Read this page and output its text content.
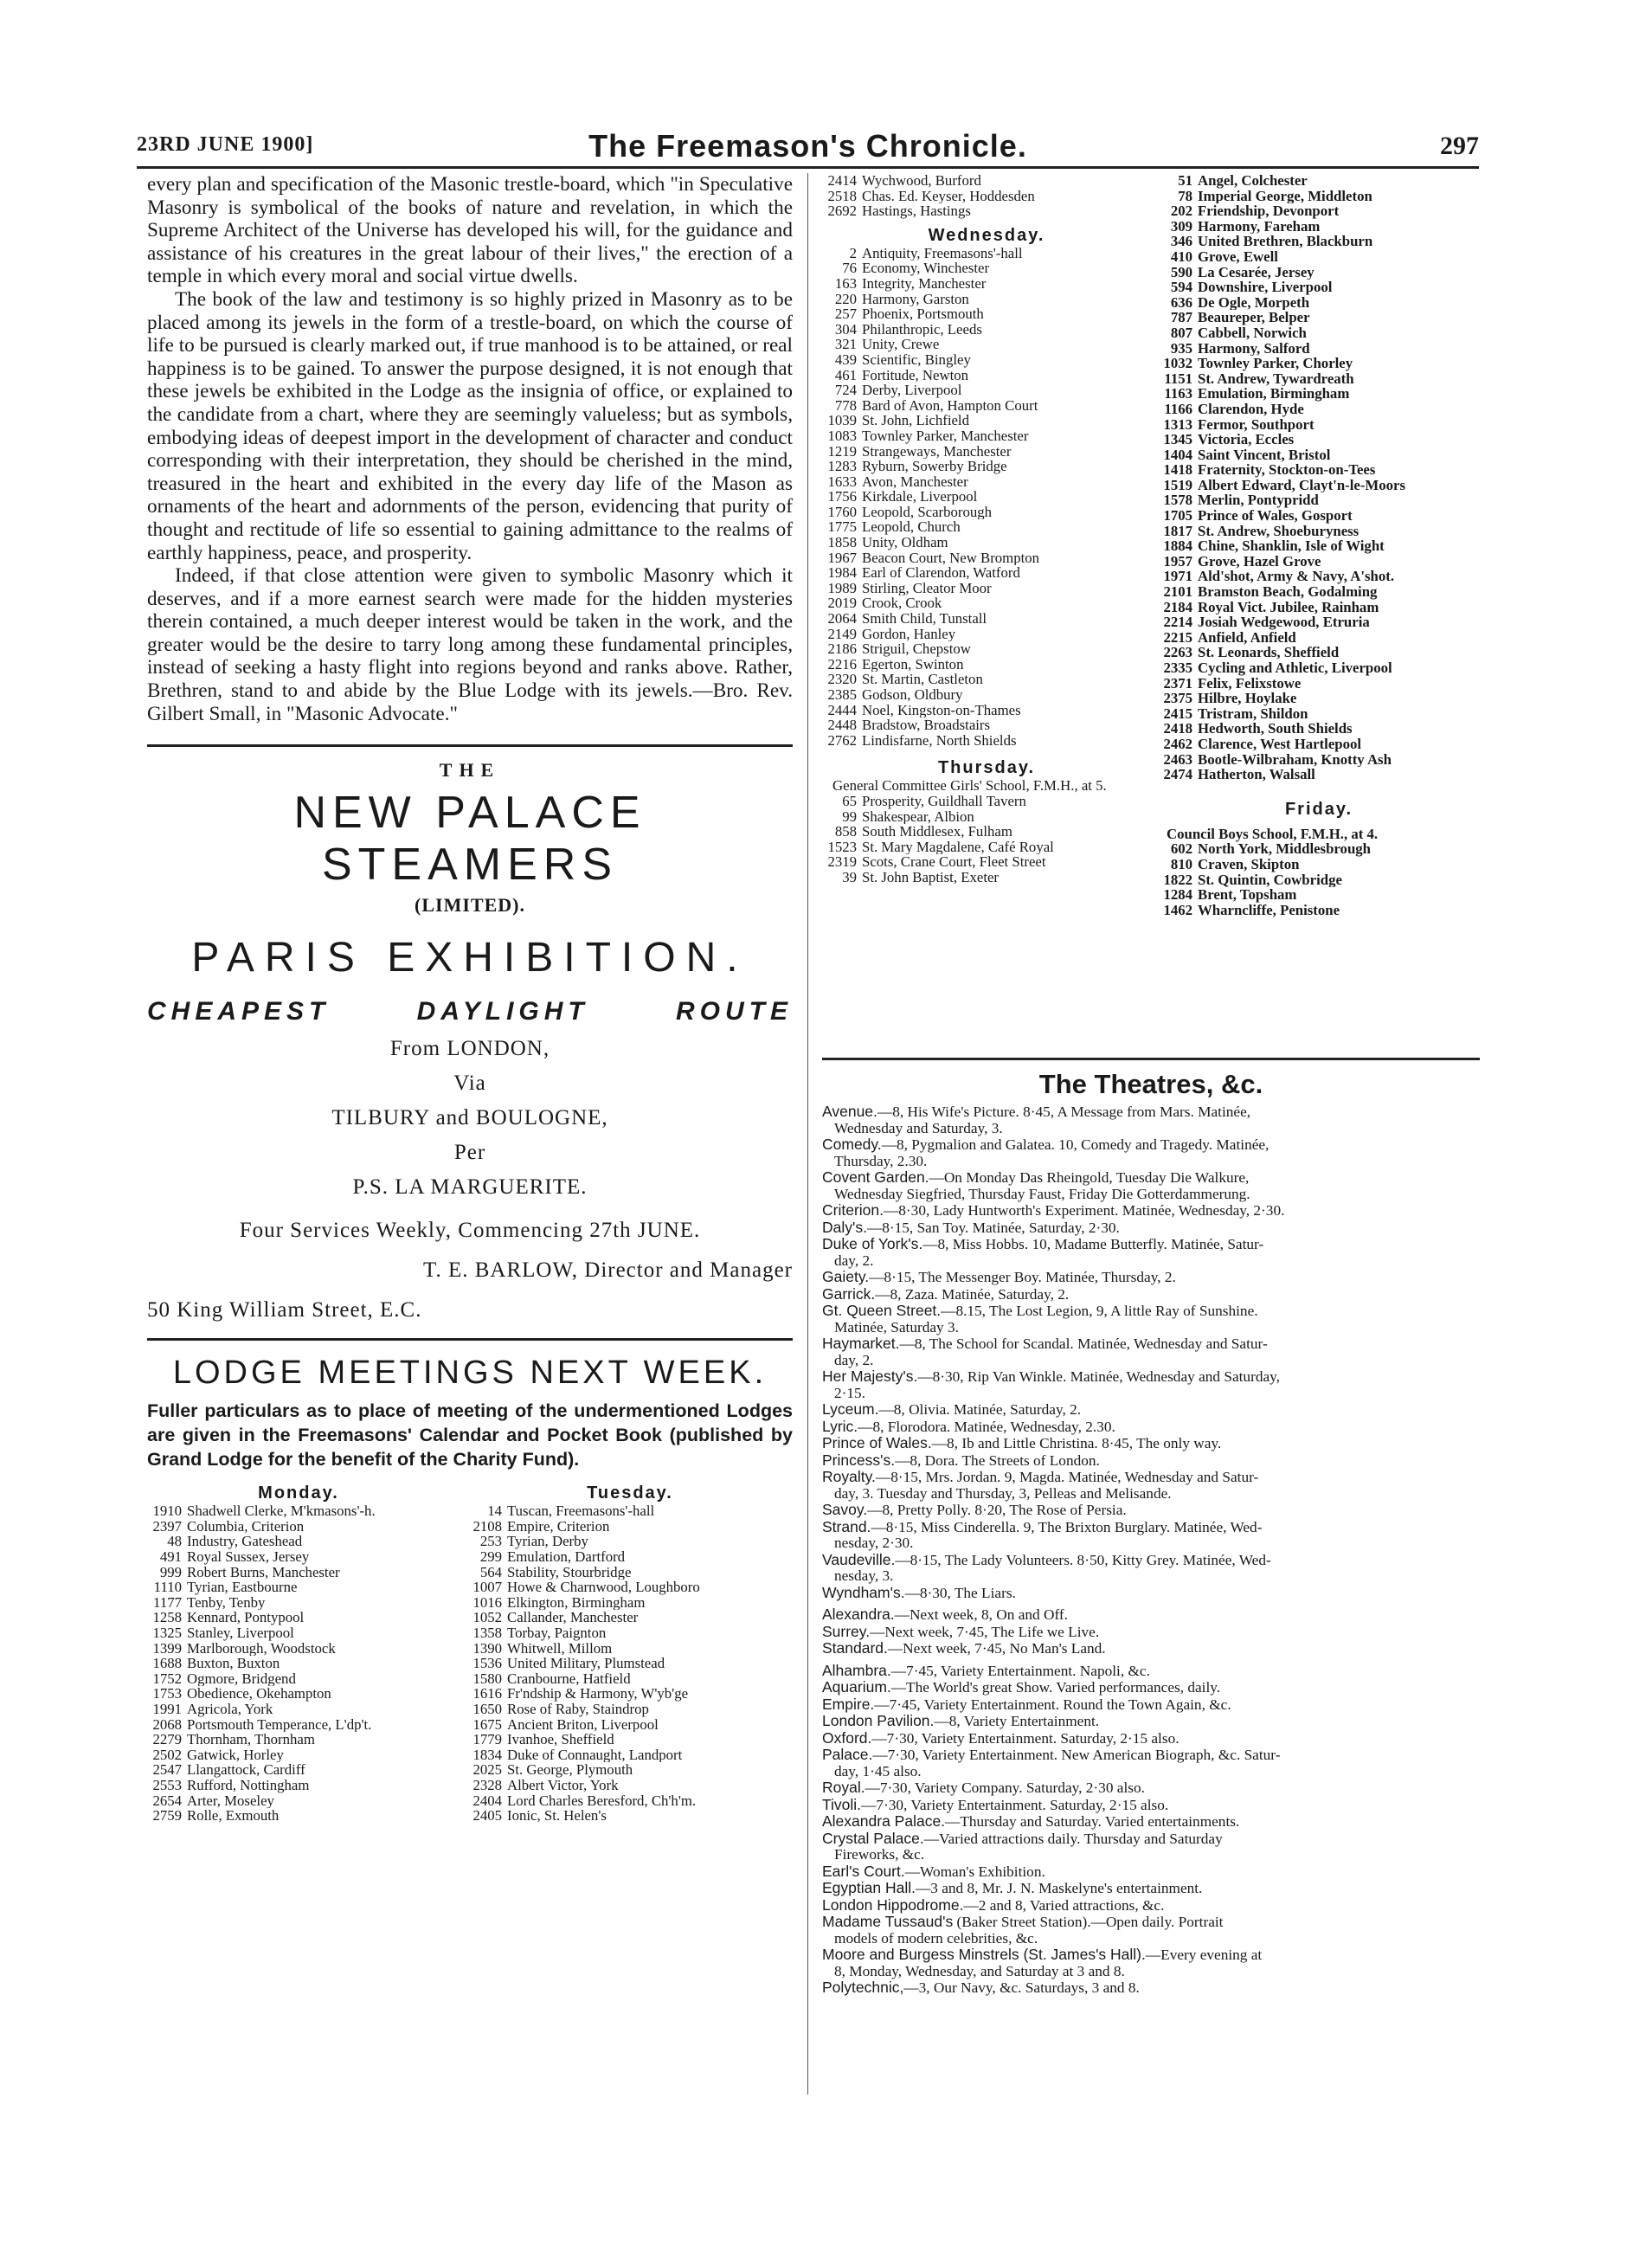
23RD JUNE 1900]	The Freemason's Chronicle.	297

every plan and specification of the Masonic trestle-board, which "in Speculative Masonry is symbolical of the books of nature and revelation, in which the Supreme Architect of the Universe has developed his will, for the guidance and assistance of his creatures in the great labour of their lives," the erection of a temple in which every moral and social virtue dwells.

The book of the law and testimony is so highly prized in Masonry as to be placed among its jewels in the form of a trestle-board, on which the course of life to be pursued is clearly marked out, if true manhood is to be attained, or real happiness is to be gained. To answer the purpose designed, it is not enough that these jewels be exhibited in the Lodge as the insignia of office, or explained to the candidate from a chart, where they are seemingly valueless; but as symbols, embodying ideas of deepest import in the development of character and conduct corresponding with their interpretation, they should be cherished in the mind, treasured in the heart and exhibited in the every day life of the Mason as ornaments of the heart and adornments of the person, evidencing that purity of thought and rectitude of life so essential to gaining admittance to the realms of earthly happiness, peace, and prosperity.

Indeed, if that close attention were given to symbolic Masonry which it deserves, and if a more earnest search were made for the hidden mysteries therein contained, a much deeper interest would be taken in the work, and the greater would be the desire to tarry long among these fundamental principles, instead of seeking a hasty flight into regions beyond and ranks above. Rather, Brethren, stand to and abide by the Blue Lodge with its jewels.—Bro. Rev. Gilbert Small, in "Masonic Advocate."

THE
NEW PALACE STEAMERS
(LIMITED).
PARIS EXHIBITION.
CHEAPEST	DAYLIGHT	ROUTE
From LONDON,
Via
TILBURY and BOULOGNE,
Per
P.S. LA MARGUERITE.
Four Services Weekly, Commencing 27th JUNE.
T. E. BARLOW, Director and Manager
50 King William Street, E.C.
LODGE MEETINGS NEXT WEEK.

Fuller particulars as to place of meeting of the undermentioned Lodges are given in the Freemasons' Calendar and Pocket Book (published by Grand Lodge for the benefit of the Charity Fund).

Monday.
1910 Shadwell Clerke, M'kmasons'-h.
2397 Columbia, Criterion
48 Industry, Gateshead
491 Royal Sussex, Jersey
999 Robert Burns, Manchester
1110 Tyrian, Eastbourne
1177 Tenby, Tenby
1258 Kennard, Pontypool
1325 Stanley, Liverpool
1399 Marlborough, Woodstock
1688 Buxton, Buxton
1752 Ogmore, Bridgend
1753 Obedience, Okehampton
1991 Agricola, York
2068 Portsmouth Temperance, L'dp't.
2279 Thornham, Thornham
2502 Gatwick, Horley
2547 Llangattock, Cardiff
2553 Rufford, Nottingham
2654 Arter, Moseley
2759 Rolle, Exmouth
Tuesday.
14 Tuscan, Freemasons'-hall
2108 Empire, Criterion
253 Tyrian, Derby
299 Emulation, Dartford
564 Stability, Stourbridge
1007 Howe & Charnwood, Loughboro
1016 Elkington, Birmingham
1052 Callander, Manchester
1358 Torbay, Paignton
1390 Whitwell, Millom
1536 United Military, Plumstead
1580 Cranbourne, Hatfield
1616 Fr'ndship & Harmony, W'yb'ge
1650 Rose of Raby, Staindrop
1675 Ancient Briton, Liverpool
1779 Ivanhoe, Sheffield
1834 Duke of Connaught, Landport
2025 St. George, Plymouth
2328 Albert Victor, York
2404 Lord Charles Beresford, Ch'h'm.
2405 Ionic, St. Helen's
2414 Wychwood, Burford
2518 Chas. Ed. Keyser, Hoddesden
2692 Hastings, Hastings
Wednesday.
2 Antiquity, Freemasons'-hall
76 Economy, Winchester
163 Integrity, Manchester
220 Harmony, Garston
257 Phoenix, Portsmouth
304 Philanthropic, Leeds
321 Unity, Crewe
439 Scientific, Bingley
461 Fortitude, Newton
724 Derby, Liverpool
778 Bard of Avon, Hampton Court
1039 St. John, Lichfield
1083 Townley Parker, Manchester
1219 Strangeways, Manchester
1283 Ryburn, Sowerby Bridge
1633 Avon, Manchester
1756 Kirkdale, Liverpool
1760 Leopold, Scarborough
1775 Leopold, Church
1858 Unity, Oldham
1967 Beacon Court, New Brompton
1984 Earl of Clarendon, Watford
1989 Stirling, Cleator Moor
2019 Crook, Crook
2064 Smith Child, Tunstall
2149 Gordon, Hanley
2186 Striguil, Chepstow
2216 Egerton, Swinton
2320 St. Martin, Castleton
2385 Godson, Oldbury
2444 Noel, Kingston-on-Thames
2448 Bradstow, Broadstairs
2762 Lindisfarne, North Shields
Thursday.

General Committee Girls' School, F.M.H., at 5.

65 Prosperity, Guildhall Tavern
99 Shakespear, Albion
858 South Middlesex, Fulham
1523 St. Mary Magdalene, Café Royal
2319 Scots, Crane Court, Fleet Street
39 St. John Baptist, Exeter
51 Angel, Colchester
78 Imperial George, Middleton
202 Friendship, Devonport
309 Harmony, Fareham
346 United Brethren, Blackburn
410 Grove, Ewell
590 La Cesarée, Jersey
594 Downshire, Liverpool
636 De Ogle, Morpeth
787 Beaureper, Belper
807 Cabbell, Norwich
935 Harmony, Salford
1032 Townley Parker, Chorley
1151 St. Andrew, Tywardreath
1163 Emulation, Birmingham
1166 Clarendon, Hyde
1313 Fermor, Southport
1345 Victoria, Eccles
1404 Saint Vincent, Bristol
1418 Fraternity, Stockton-on-Tees
1519 Albert Edward, Clayt'n-le-Moors
1578 Merlin, Pontypridd
1705 Prince of Wales, Gosport
1817 St. Andrew, Shoeburyness
1884 Chine, Shanklin, Isle of Wight
1957 Grove, Hazel Grove
1971 Ald'shot, Army & Navy, A'shot.
2101 Bramston Beach, Godalming
2184 Royal Vict. Jubilee, Rainham
2214 Josiah Wedgewood, Etruria
2215 Anfield, Anfield
2263 St. Leonards, Sheffield
2335 Cycling and Athletic, Liverpool
2371 Felix, Felixstowe
2375 Hilbre, Hoylake
2415 Tristram, Shildon
2418 Hedworth, South Shields
2462 Clarence, West Hartlepool
2463 Bootle-Wilbraham, Knotty Ash
2474 Hatherton, Walsall
Friday.

Council Boys School, F.M.H., at 4.

602 North York, Middlesbrough
810 Craven, Skipton
1822 St. Quintin, Cowbridge
1284 Brent, Topsham
1462 Wharncliffe, Penistone
The Theatres, &c.

Avenue.—8, His Wife's Picture. 8·45, A Message from Mars. Matinée,
Wednesday and Saturday, 3.

Comedy.—8, Pygmalion and Galatea. 10, Comedy and Tragedy. Matinée,
Thursday, 2.30.

Covent Garden.—On Monday Das Rheingold, Tuesday Die Walkure,
Wednesday Siegfried, Thursday Faust, Friday Die Gotterdammerung.

Criterion.—8·30, Lady Huntworth's Experiment. Matinée, Wednesday, 2·30.

Daly's.—8·15, San Toy. Matinée, Saturday, 2·30.

Duke of York's.—8, Miss Hobbs. 10, Madame Butterfly. Matinée, Satur-
day, 2.

Gaiety.—8·15, The Messenger Boy. Matinée, Thursday, 2.

Garrick.—8, Zaza. Matinée, Saturday, 2.

Gt. Queen Street.—8.15, The Lost Legion, 9, A little Ray of Sunshine.
Matinée, Saturday 3.

Haymarket.—8, The School for Scandal. Matinée, Wednesday and Satur-
day, 2.

Her Majesty's.—8·30, Rip Van Winkle. Matinée, Wednesday and Saturday,
2·15.

Lyceum.—8, Olivia. Matinée, Saturday, 2.

Lyric.—8, Florodora. Matinée, Wednesday, 2.30.

Prince of Wales.—8, Ib and Little Christina. 8·45, The only way.

Princess's.—8, Dora. The Streets of London.

Royalty.—8·15, Mrs. Jordan. 9, Magda. Matinée, Wednesday and Satur-
day, 3. Tuesday and Thursday, 3, Pelleas and Melisande.

Savoy.—8, Pretty Polly. 8·20, The Rose of Persia.

Strand.—8·15, Miss Cinderella. 9, The Brixton Burglary. Matinée, Wed-
nesday, 2·30.

Vaudeville.—8·15, The Lady Volunteers. 8·50, Kitty Grey. Matinée, Wed-
nesday, 3.

Wyndham's.—8·30, The Liars.

Alexandra.—Next week, 8, On and Off.

Surrey.—Next week, 7·45, The Life we Live.

Standard.—Next week, 7·45, No Man's Land.

Alhambra.—7·45, Variety Entertainment. Napoli, &c.

Aquarium.—The World's great Show. Varied performances, daily.

Empire.—7·45, Variety Entertainment. Round the Town Again, &c.

London Pavilion.—8, Variety Entertainment.

Oxford.—7·30, Variety Entertainment. Saturday, 2·15 also.

Palace.—7·30, Variety Entertainment. New American Biograph, &c. Satur-
day, 1·45 also.

Royal.—7·30, Variety Company. Saturday, 2·30 also.

Tivoli.—7·30, Variety Entertainment. Saturday, 2·15 also.

Alexandra Palace.—Thursday and Saturday. Varied entertainments.

Crystal Palace.—Varied attractions daily. Thursday and Saturday
Fireworks, &c.

Earl's Court.—Woman's Exhibition.

Egyptian Hall.—3 and 8, Mr. J. N. Maskelyne's entertainment.

London Hippodrome.—2 and 8, Varied attractions, &c.

Madame Tussaud's (Baker Street Station).—Open daily. Portrait
models of modern celebrities, &c.

Moore and Burgess Minstrels (St. James's Hall).—Every evening at
8, Monday, Wednesday, and Saturday at 3 and 8.

Polytechnic,—3, Our Navy, &c. Saturdays, 3 and 8.
